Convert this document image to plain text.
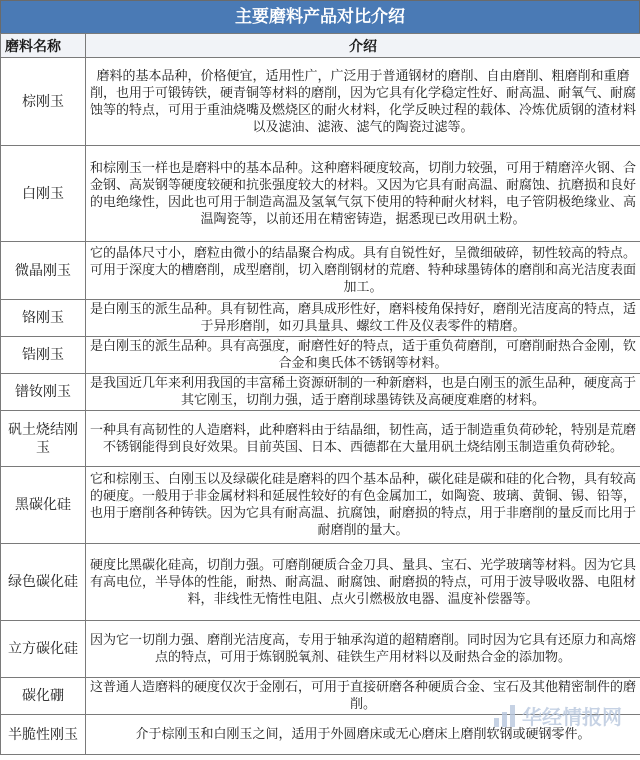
主要磨料产品对比介绍
磨料名称	介绍
棕刚玉	磨料的基本品种，价格便宜，适用性广，广泛用于普通钢材的磨削、自由磨削、粗磨削和重磨削，也用于可锻铸铁，硬青铜等材料的磨削，因为它具有化学稳定性好、耐高温、耐氧气、耐腐蚀等的特点，可用于重油烧嘴及燃烧区的耐火材料，化学反映过程的载体、冷炼优质钢的渣材料以及滤油、滤液、滤气的陶瓷过滤等。
白刚玉	和棕刚玉一样也是磨料中的基本品种。这种磨料硬度较高，切削力较强，可用于精磨淬火钢、合金钢、高炭钢等硬度较硬和抗张强度较大的材料。又因为它具有耐高温、耐腐蚀、抗磨损和良好的电绝缘性，因此也可用于制造高温及氢氧气氛下使用的特种耐火材料，电子管阴极绝缘业、高温陶瓷等，以前还用在精密铸造，据悉现已改用矾土粉。
微晶刚玉	它的晶体尺寸小，磨粒由微小的结晶聚合构成。具有自锐性好，呈微细破碎，韧性较高的特点。可用于深度大的槽磨削，成型磨削，切入磨削钢材的荒磨、特种球墨铸体的磨削和高光洁度表面加工。
铬刚玉	是白刚玉的派生品种。具有韧性高，磨具成形性好，磨料棱角保持好，磨削光洁度高的特点，适于异形磨削，如刃具量具、螺纹工件及仪表零件的精磨。
锆刚玉	是白刚玉的派生品种。具有高强度，耐磨性好的特点，适于重负荷磨削，可磨削耐热合金刚，钦合金和奥氏体不锈钢等材料。
镨钕刚玉	是我国近几年来利用我国的丰富稀土资源研制的一种新磨料，也是白刚玉的派生品种，硬度高于其它刚玉，切削力强，适于磨削球墨铸铁及高硬度难磨的材料。
矾土烧结刚玉	一种具有高韧性的人造磨料，此种磨料由于结晶细，韧性高，适于制造重负荷砂轮，特别是荒磨不锈钢能得到良好效果。目前英国、日本、西德都在大量用矾土烧结刚玉制造重负荷砂轮。
黑碳化硅	它和棕刚玉、白刚玉以及绿碳化硅是磨料的四个基本品种，碳化硅是碳和硅的化合物，具有较高的硬度。一般用于非金属材料和延展性较好的有色金属加工，如陶瓷、玻璃、黄铜、锡、铅等，也用于磨削各种铸铁。因为它具有耐高温、抗腐蚀，耐磨损的特点，用于非磨削的量反而比用于耐磨削的量大。
绿色碳化硅	硬度比黑碳化硅高，切削力强。可磨削硬质合金刀具、量具、宝石、光学玻璃等材料。因为它具有高电位，半导体的性能，耐热、耐高温、耐腐蚀、耐磨损的特点，可用于波导吸收器、电阻材料，非线性无惰性电阻、点火引燃极放电器、温度补偿器等。
立方碳化硅	因为它一切削力强、磨削光洁度高，专用于轴承沟道的超精磨削。同时因为它具有还原力和高熔点的特点，可用于炼钢脱氧剂、硅铁生产用材料以及耐热合金的添加物。
碳化硼	这普通人造磨料的硬度仅次于金刚石，可用于直接研磨各种硬质合金、宝石及其他精密制件的磨削。
半脆性刚玉	介于棕刚玉和白刚玉之间，适用于外圆磨床或无心磨床上磨削软钢或硬钢零件。
华经情报网
